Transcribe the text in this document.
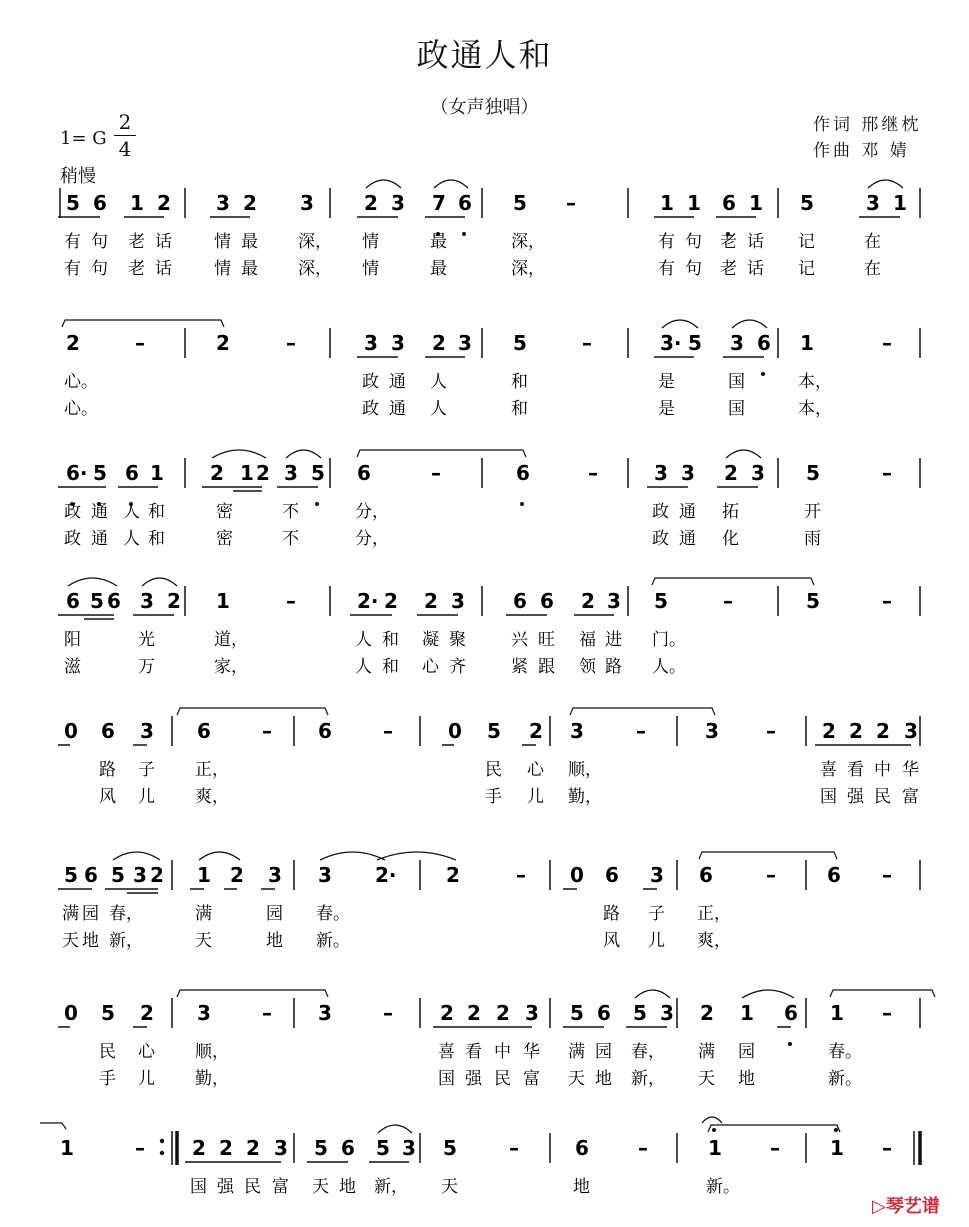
政通人和
（女声独唱）
作词 邢继枕
作曲 邓 婧
1= G
2
4
稍慢
5 6 1 2 3 2 3	2 3 7 6 5 –	1 1 6 1 5	3 1
有 句 老 话 情 最 深， 情	最	深，	有 句 老 话 记	在
有 句 老 话 情 最 深， 情	最	深，	有 句 老 话 记	在
2	–	2	–	3 3 2 3 5	–	3· 5 3 6 1	–
心。	政 通 人	和	是	国	本，
心。	政 通 人	和	是	国	本，
6· 5 6 1 2 1 2 3 5 6	–	6	–	3 3 2 3 5	–
政 通 人 和	密	不	分，	政 通 拓	开
政 通 人 和	密	不	分，	政 通 化	雨
6 5 6 3 2 1	–	2· 2 2 3 6 6 2 3 5	–	5	–
阳	光	道，	人 和 凝 聚	兴 旺 福 进 门。
滋	万	家，	人 和 心 齐	紧 跟 领 路 人。
0 6 3 6	– 6	–	0 5 2 3	–	3 – 2 2 2 3
路 子 正，	民 心 顺，	喜 看 中 华
风 儿 爽，	手 儿 勤，	国 强 民 富
5 6 5 3 2 1 2 3 3 2· 2	– 0 6 3 6	–	6 –
满 园 春，	满	园 春。	路 子 正，
天 地 新，	天	地 新。	风 儿 爽，
0 5 2 3	– 3	– 2 2 2 3 5 6 5 3 2 1 6 1 –
民 心 顺，	喜 看 中 华 满 园 春， 满 园	春。
手 儿 勤，	国 强 民 富 天 地 新， 天 地	新。
1	– 2 2 2 3 5 6 5 3 5	–	6 –	1 –	1 –
国 强 民 富 天 地 新， 天	地	新。
▷琴艺谱
